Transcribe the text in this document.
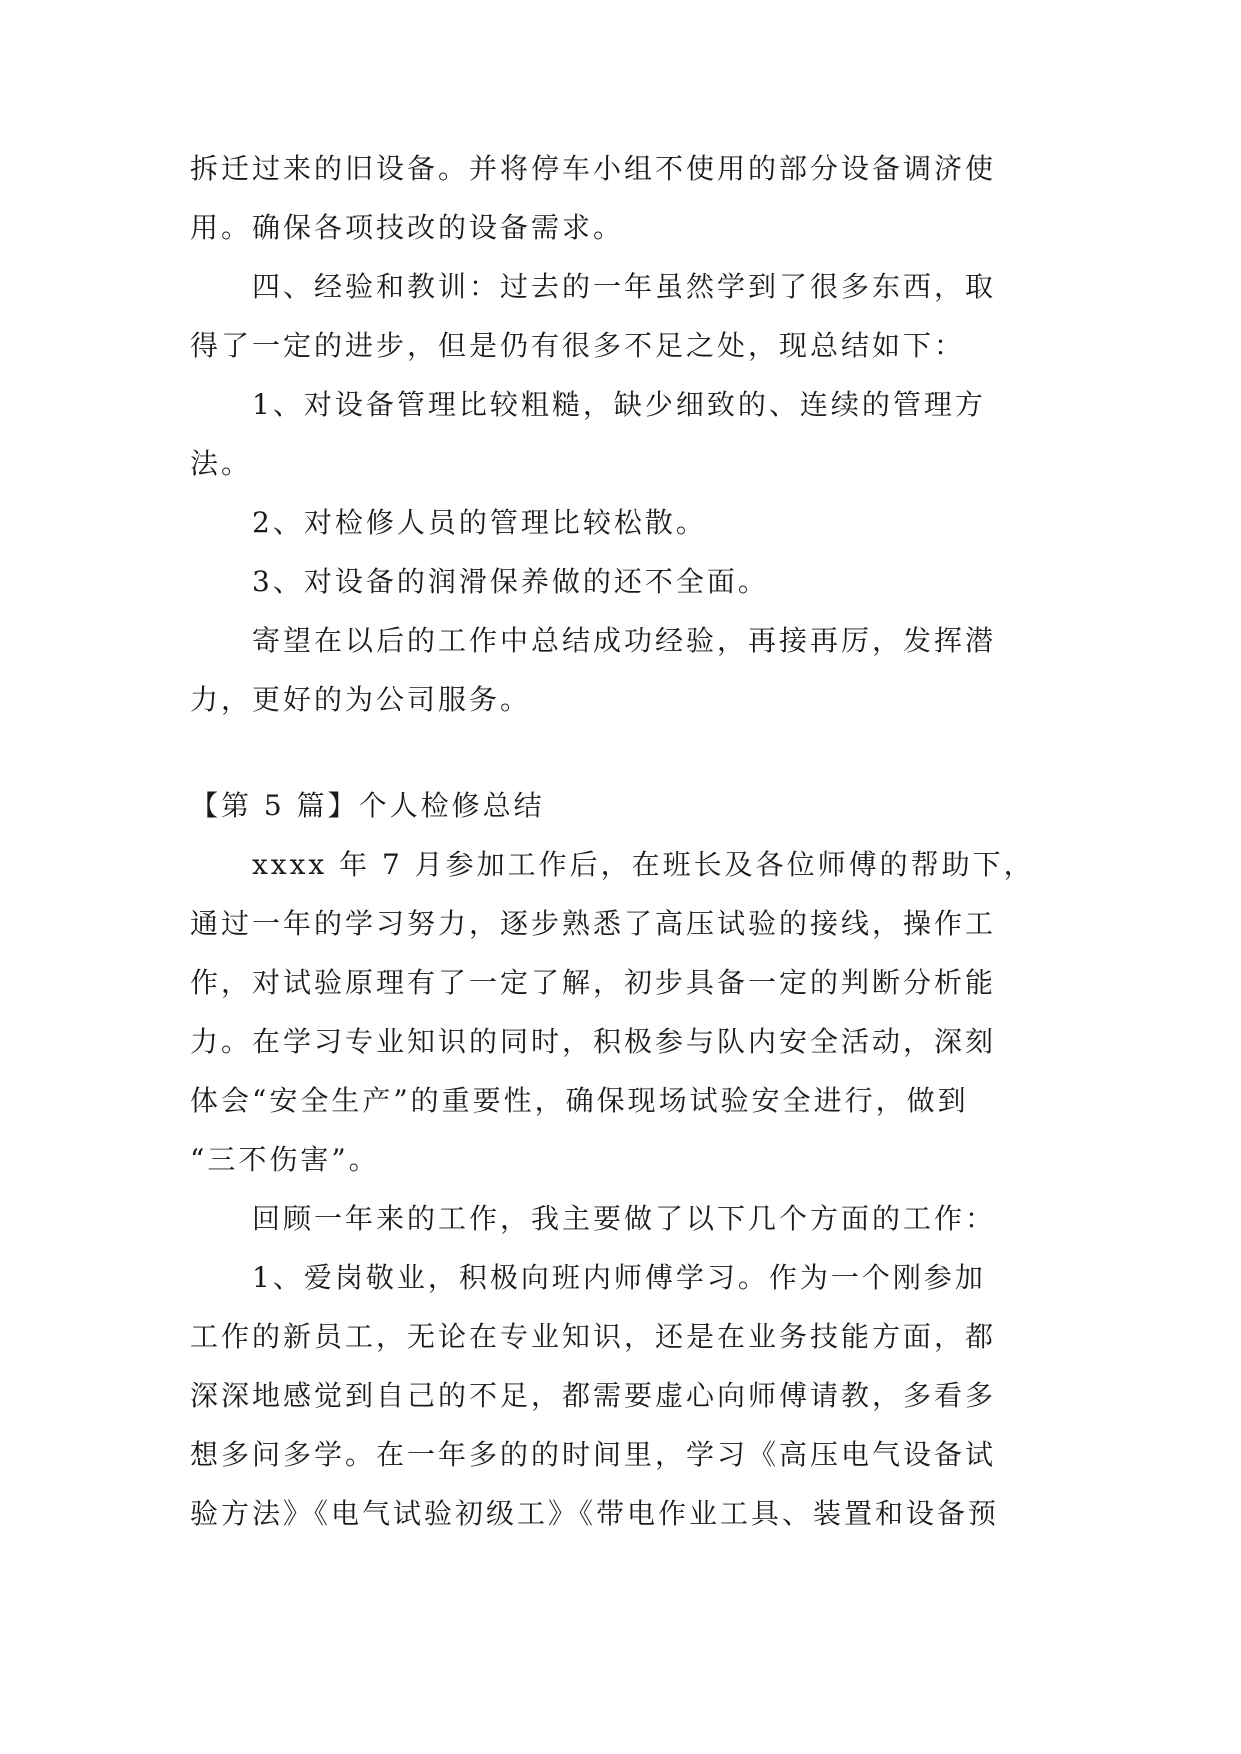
拆迁过来的旧设备。并将停车小组不使用的部分设备调济使
用。确保各项技改的设备需求。
四、经验和教训：过去的一年虽然学到了很多东西，取
得了一定的进步，但是仍有很多不足之处，现总结如下：
1、对设备管理比较粗糙，缺少细致的、连续的管理方
法。
2、对检修人员的管理比较松散。
3、对设备的润滑保养做的还不全面。
寄望在以后的工作中总结成功经验，再接再厉，发挥潜
力，更好的为公司服务。
【第 5 篇】个人检修总结
xxxx 年 7 月参加工作后，在班长及各位师傅的帮助下，
通过一年的学习努力，逐步熟悉了高压试验的接线，操作工
作，对试验原理有了一定了解，初步具备一定的判断分析能
力。在学习专业知识的同时，积极参与队内安全活动，深刻
体会“安全生产”的重要性，确保现场试验安全进行，做到
“三不伤害”。
回顾一年来的工作，我主要做了以下几个方面的工作：
1、爱岗敬业，积极向班内师傅学习。作为一个刚参加
工作的新员工，无论在专业知识，还是在业务技能方面，都
深深地感觉到自己的不足，都需要虚心向师傅请教，多看多
想多问多学。在一年多的的时间里，学习《高压电气设备试
验方法》《电气试验初级工》《带电作业工具、装置和设备预
